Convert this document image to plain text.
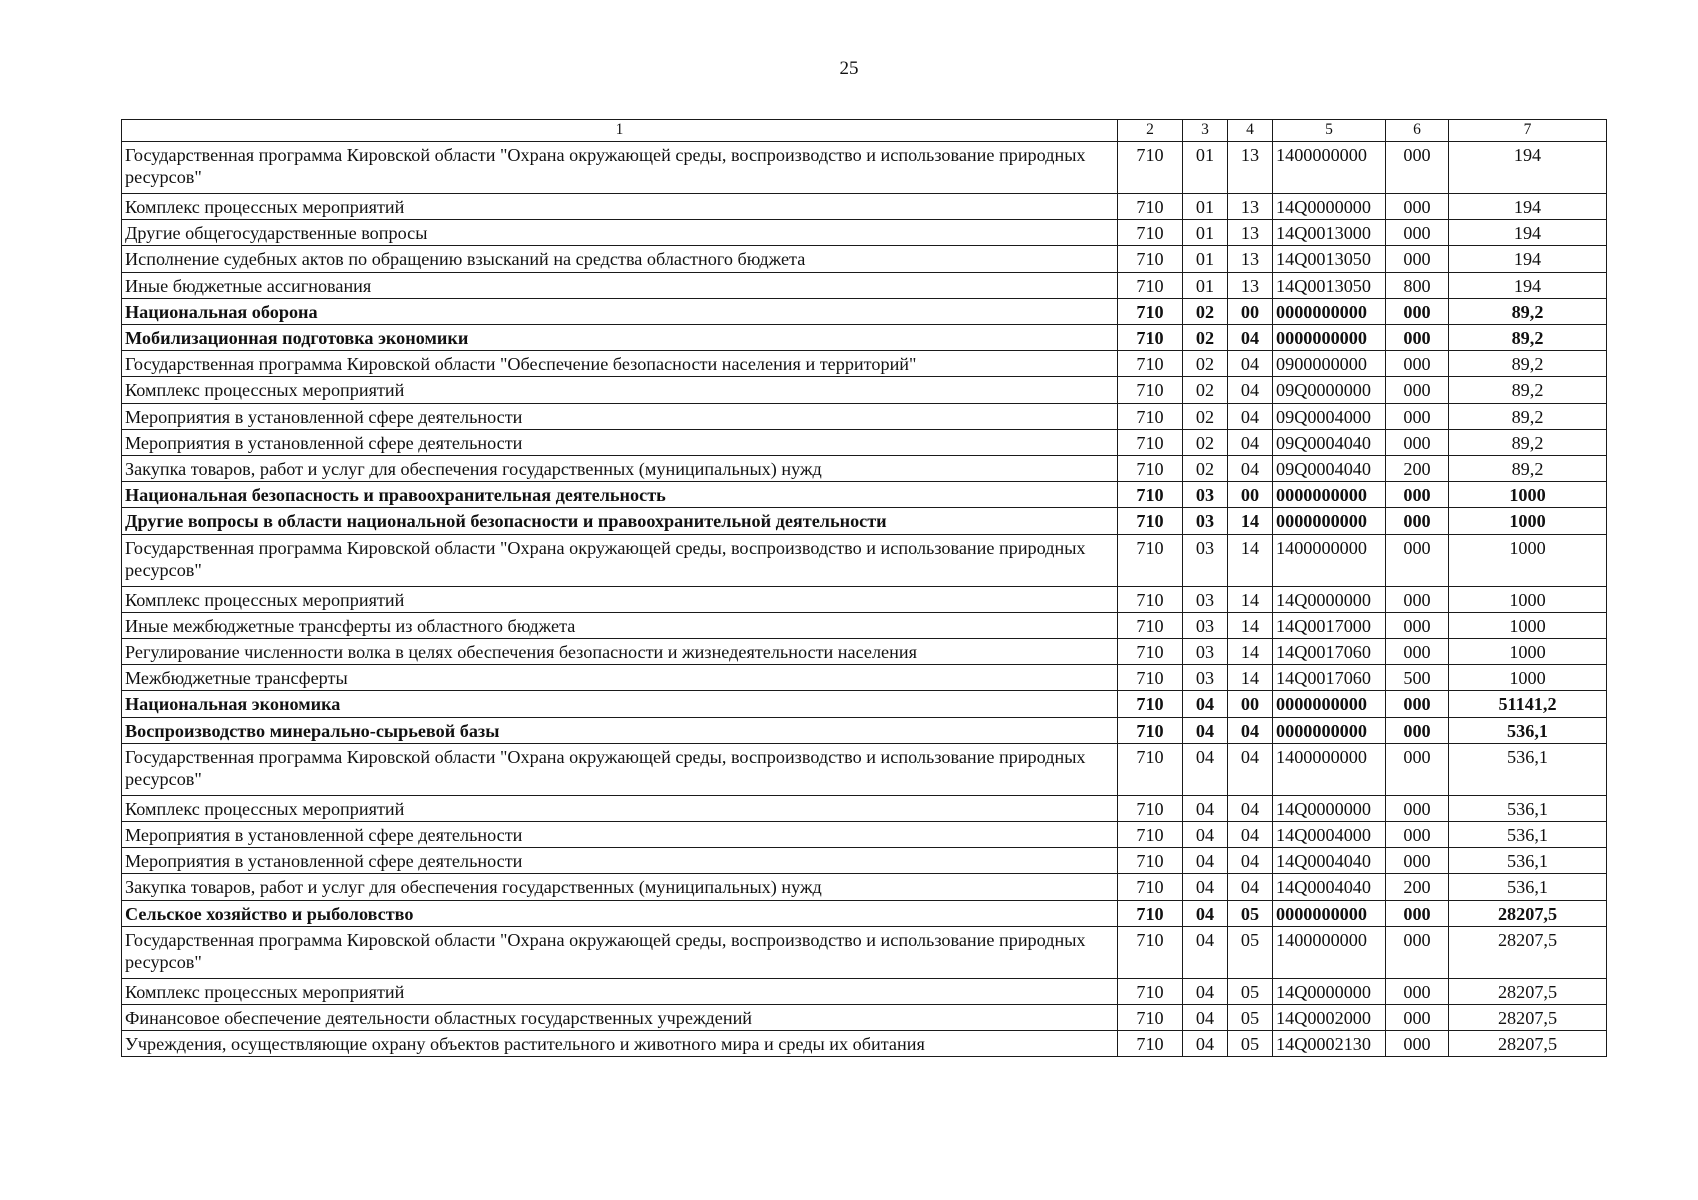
25
1	2	3	4	5	6	7
Государственная программа Кировской области "Охрана окружающей среды, воспроизводство и использование природных ресурсов"	710	01	13	1400000000	000	194
Комплекс процессных мероприятий	710	01	13	14Q0000000	000	194
Другие общегосударственные вопросы	710	01	13	14Q0013000	000	194
Исполнение судебных актов по обращению взысканий на средства областного бюджета	710	01	13	14Q0013050	000	194
Иные бюджетные ассигнования	710	01	13	14Q0013050	800	194
Национальная оборона	710	02	00	0000000000	000	89,2
Мобилизационная подготовка экономики	710	02	04	0000000000	000	89,2
Государственная программа Кировской области "Обеспечение безопасности населения и территорий"	710	02	04	0900000000	000	89,2
Комплекс процессных мероприятий	710	02	04	09Q0000000	000	89,2
Мероприятия в установленной сфере деятельности	710	02	04	09Q0004000	000	89,2
Мероприятия в установленной сфере деятельности	710	02	04	09Q0004040	000	89,2
Закупка товаров, работ и услуг для обеспечения государственных (муниципальных) нужд	710	02	04	09Q0004040	200	89,2
Национальная безопасность и правоохранительная деятельность	710	03	00	0000000000	000	1000
Другие вопросы в области национальной безопасности и правоохранительной деятельности	710	03	14	0000000000	000	1000
Государственная программа Кировской области "Охрана окружающей среды, воспроизводство и использование природных ресурсов"	710	03	14	1400000000	000	1000
Комплекс процессных мероприятий	710	03	14	14Q0000000	000	1000
Иные межбюджетные трансферты из областного бюджета	710	03	14	14Q0017000	000	1000
Регулирование численности волка в целях обеспечения безопасности и жизнедеятельности населения	710	03	14	14Q0017060	000	1000
Межбюджетные трансферты	710	03	14	14Q0017060	500	1000
Национальная экономика	710	04	00	0000000000	000	51141,2
Воспроизводство минерально-сырьевой базы	710	04	04	0000000000	000	536,1
Государственная программа Кировской области "Охрана окружающей среды, воспроизводство и использование природных ресурсов"	710	04	04	1400000000	000	536,1
Комплекс процессных мероприятий	710	04	04	14Q0000000	000	536,1
Мероприятия в установленной сфере деятельности	710	04	04	14Q0004000	000	536,1
Мероприятия в установленной сфере деятельности	710	04	04	14Q0004040	000	536,1
Закупка товаров, работ и услуг для обеспечения государственных (муниципальных) нужд	710	04	04	14Q0004040	200	536,1
Сельское хозяйство и рыболовство	710	04	05	0000000000	000	28207,5
Государственная программа Кировской области "Охрана окружающей среды, воспроизводство и использование природных ресурсов"	710	04	05	1400000000	000	28207,5
Комплекс процессных мероприятий	710	04	05	14Q0000000	000	28207,5
Финансовое обеспечение деятельности областных государственных учреждений	710	04	05	14Q0002000	000	28207,5
Учреждения, осуществляющие охрану объектов растительного и животного мира и среды их обитания	710	04	05	14Q0002130	000	28207,5
